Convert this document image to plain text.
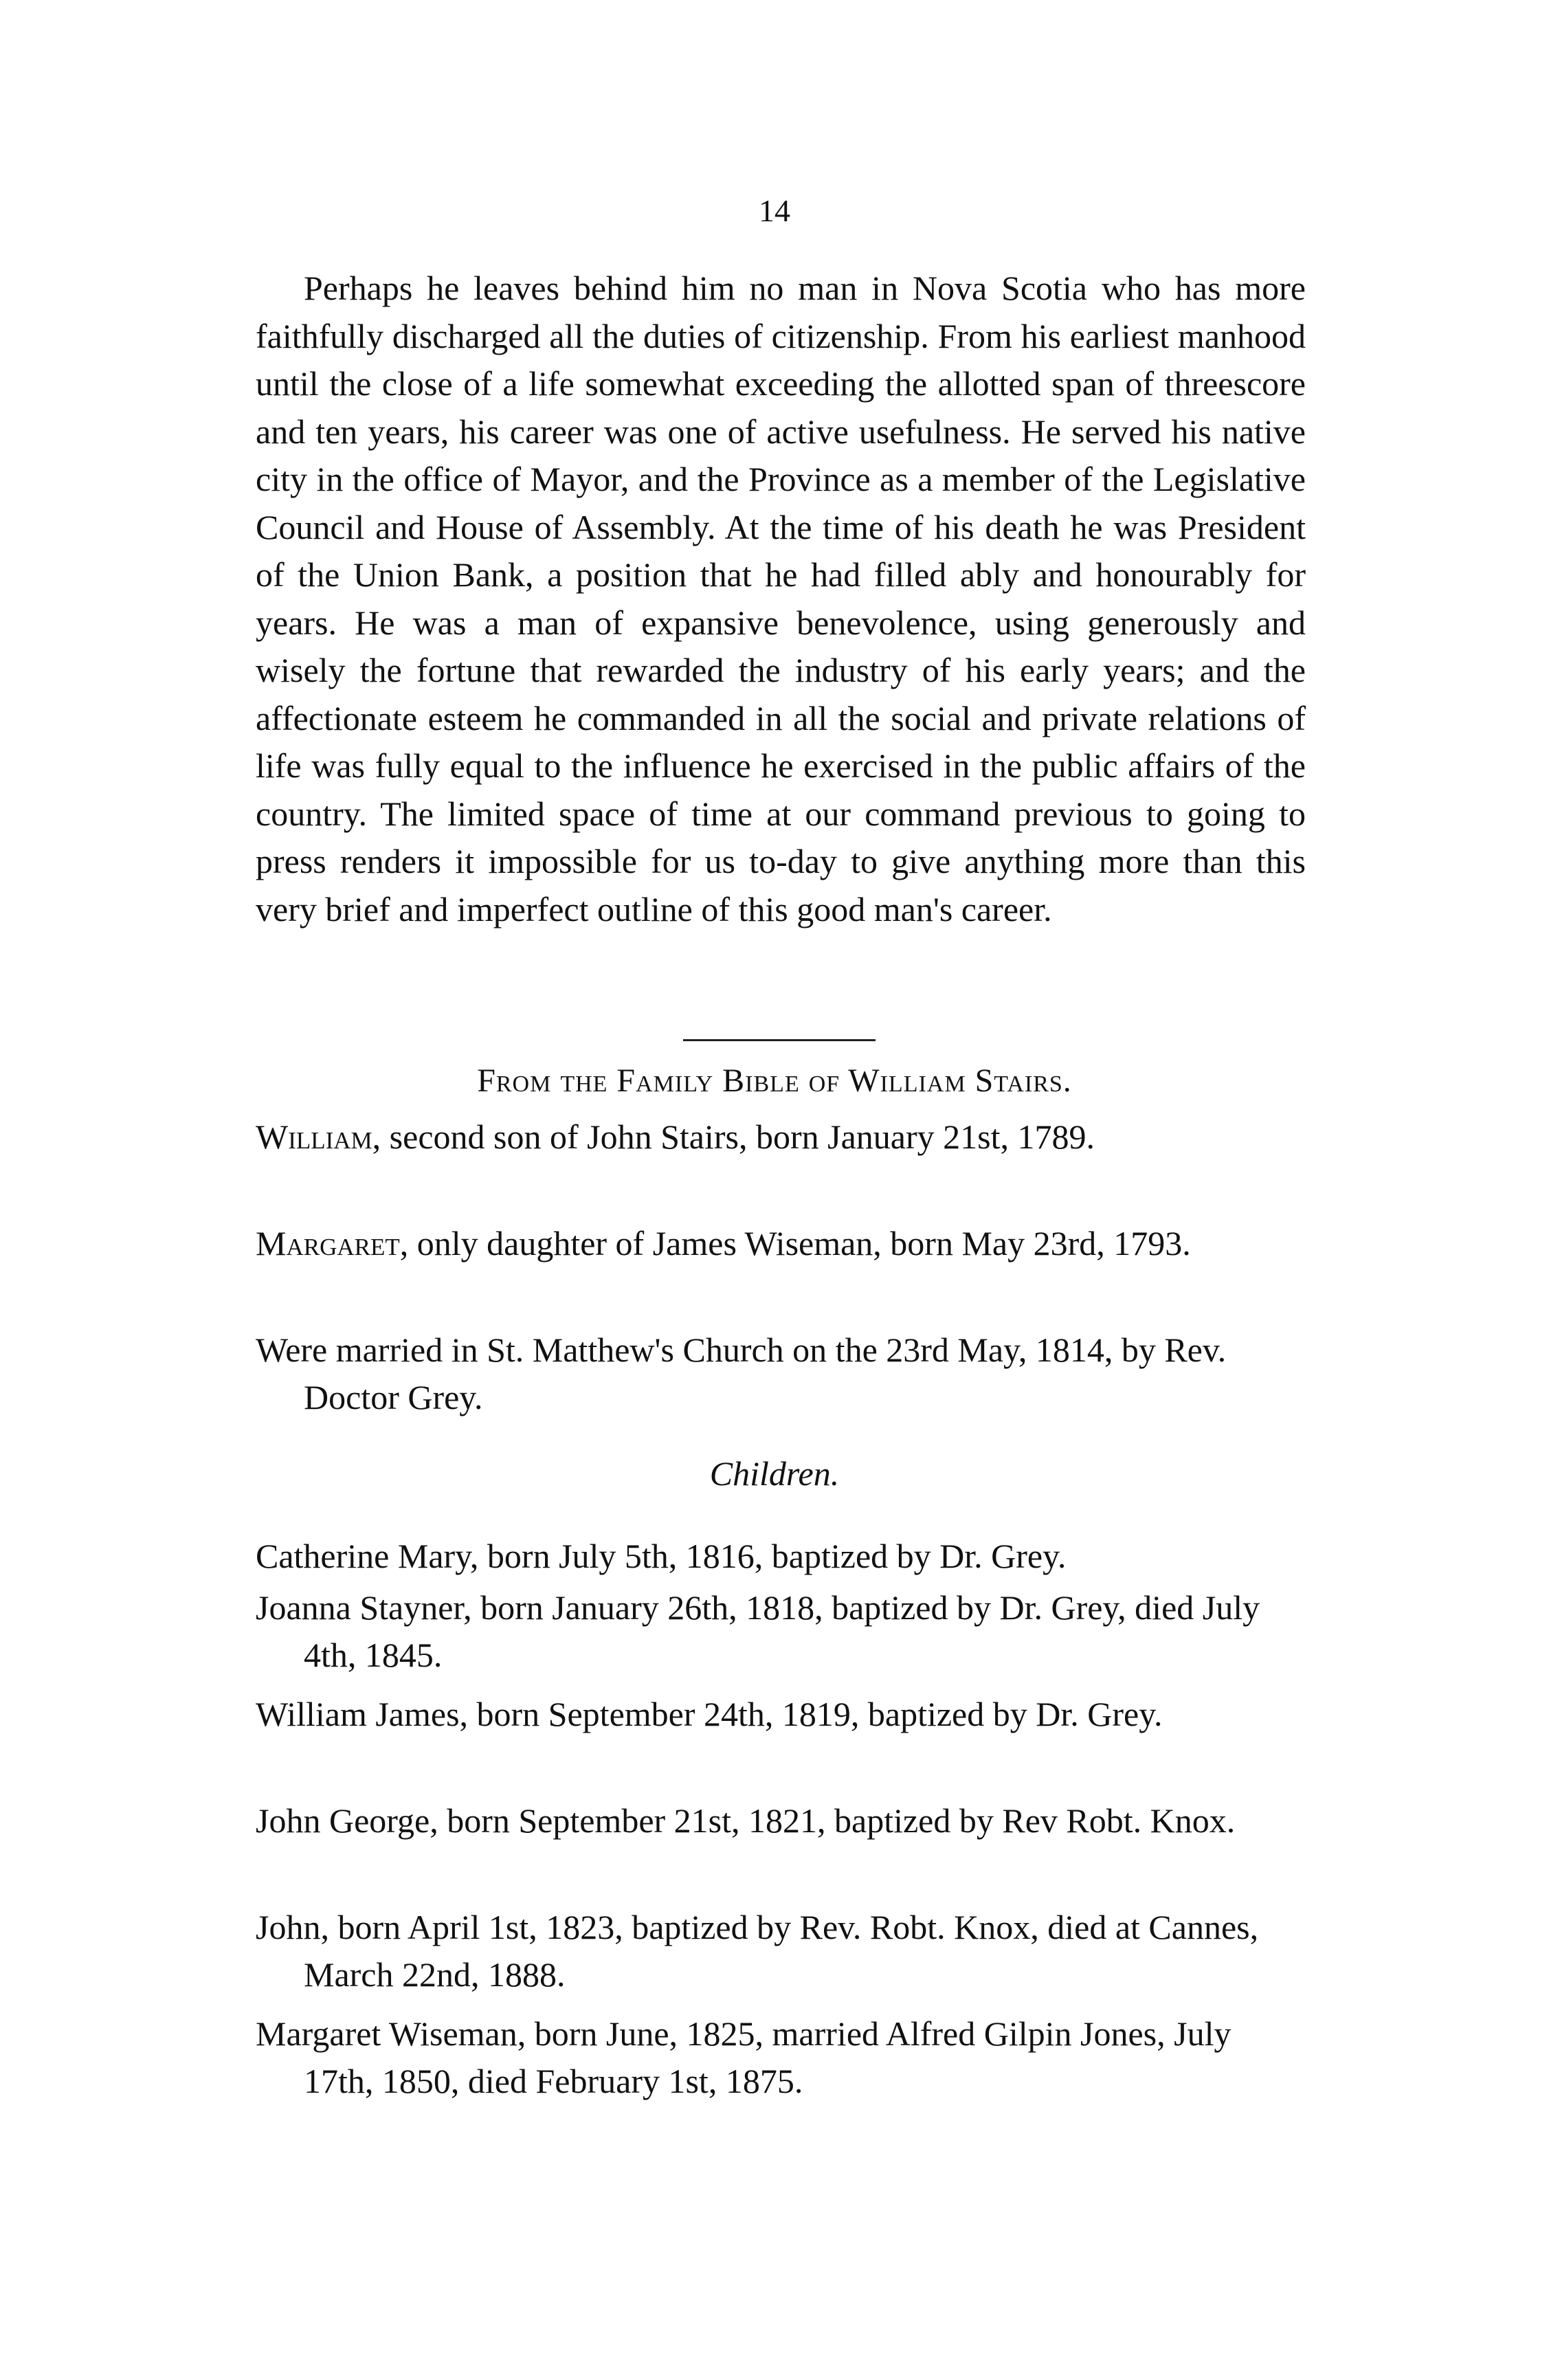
14

Perhaps he leaves behind him no man in Nova Scotia who has more faithfully discharged all the duties of citizenship. From his earliest manhood until the close of a life somewhat exceeding the allotted span of threescore and ten years, his career was one of active usefulness. He served his native city in the office of Mayor, and the Province as a member of the Legislative Council and House of Assembly. At the time of his death he was President of the Union Bank, a position that he had filled ably and honourably for years. He was a man of expansive benevolence, using generously and wisely the fortune that rewarded the industry of his early years; and the affectionate esteem he commanded in all the social and private relations of life was fully equal to the influence he exercised in the public affairs of the country. The limited space of time at our command previous to going to press renders it impossible for us to-day to give anything more than this very brief and imperfect outline of this good man's career.

From the Family Bible of William Stairs.
William, second son of John Stairs, born January 21st, 1789.
Margaret, only daughter of James Wiseman, born May 23rd, 1793.
Were married in St. Matthew's Church on the 23rd May, 1814, by Rev. Doctor Grey.
Children.
Catherine Mary, born July 5th, 1816, baptized by Dr. Grey.
Joanna Stayner, born January 26th, 1818, baptized by Dr. Grey, died July 4th, 1845.
William James, born September 24th, 1819, baptized by Dr. Grey.
John George, born September 21st, 1821, baptized by Rev Robt. Knox.
John, born April 1st, 1823, baptized by Rev. Robt. Knox, died at Cannes, March 22nd, 1888.
Margaret Wiseman, born June, 1825, married Alfred Gilpin Jones, July 17th, 1850, died February 1st, 1875.
